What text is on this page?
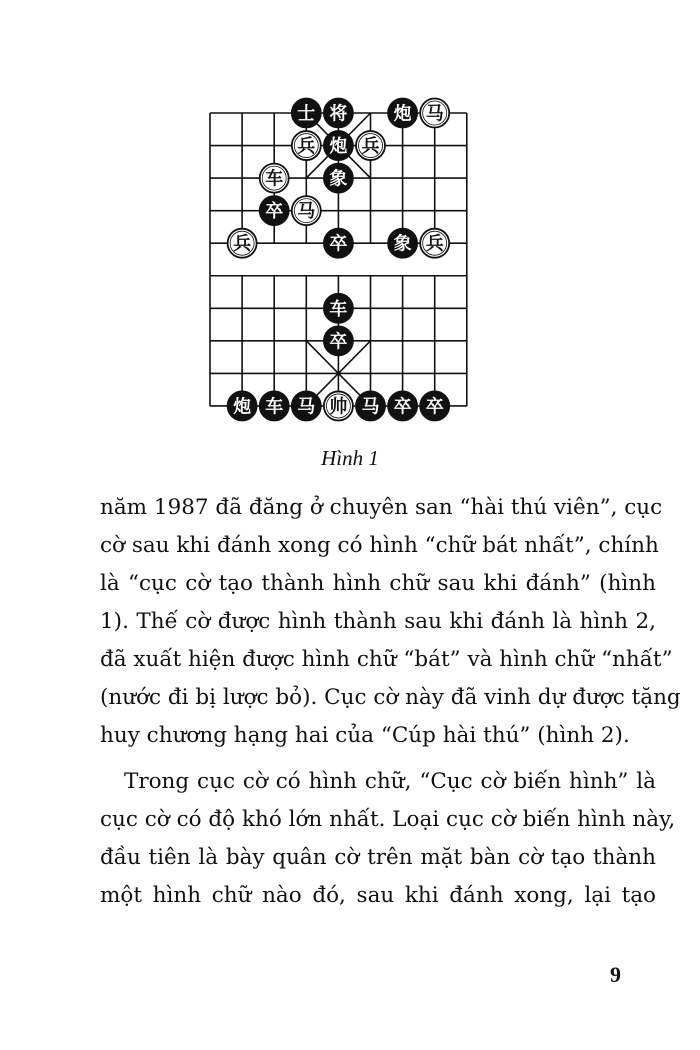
士 将	炮 马
兵 炮 兵
车	象
卒 马
兵	卒	象 兵
车
卒
炮 车 马 帅 马 卒 卒
Hình 1
năm 1987 đã đăng ở chuyên san “hài thú viên”, cục
cờ sau khi đánh xong có hình “chữ bát nhất”, chính
là “cục cờ tạo thành hình chữ sau khi đánh” (hình
1). Thế cờ được hình thành sau khi đánh là hình 2,
đã xuất hiện được hình chữ “bát” và hình chữ “nhất”
(nước đi bị lược bỏ). Cục cờ này đã vinh dự được tặng
huy chương hạng hai của “Cúp hài thú” (hình 2).
Trong cục cờ có hình chữ, “Cục cờ biến hình” là
cục cờ có độ khó lớn nhất. Loại cục cờ biến hình này,
đầu tiên là bày quân cờ trên mặt bàn cờ tạo thành
một hình chữ nào đó, sau khi đánh xong, lại tạo
9
